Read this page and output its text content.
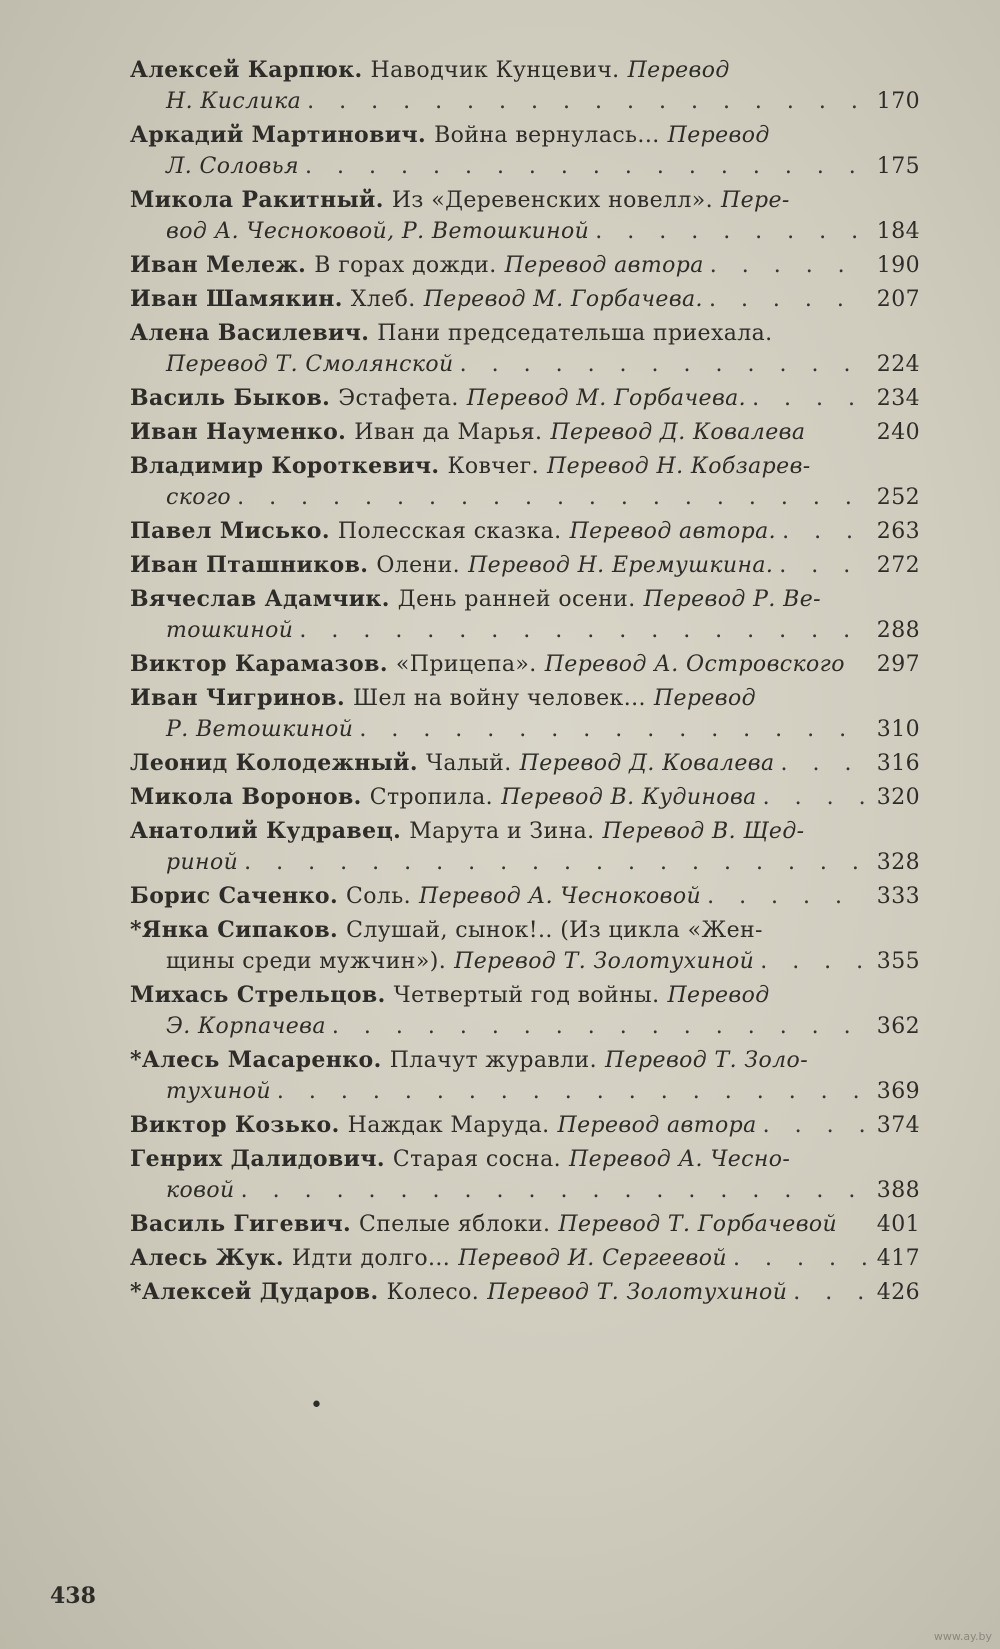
Алексей Карпюк. Наводчик Кунцевич. Перевод
Н. Кислика . . .	170
Аркадий Мартинович. Война вернулась... Перевод
Л. Соловья . . .	175
Микола Ракитный. Из «Деревенских новелл». Пере-
вод А. Чесноковой, Р. Ветошкиной . . .	184
Иван Мележ. В горах дожди. Перевод автора . . .	190
Иван Шамякин. Хлеб. Перевод М. Горбачева. . . .	207
Алена Василевич. Пани председательша приехала.
Перевод Т. Смолянской . . .	224
Василь Быков. Эстафета. Перевод М. Горбачева. . . .	234
Иван Науменко. Иван да Марья. Перевод Д. Ковалева	240
Владимир Короткевич. Ковчег. Перевод Н. Кобзарев-
ского . . .	252
Павел Мисько. Полесская сказка. Перевод автора. . . .	263
Иван Пташников. Олени. Перевод Н. Еремушкина. . . .	272
Вячеслав Адамчик. День ранней осени. Перевод Р. Ве-
тошкиной . . .	288
Виктор Карамазов. «Прицепа». Перевод А. Островского 297
Иван Чигринов. Шел на войну человек... Перевод
Р. Ветошкиной . . .	310
Леонид Колодежный. Чалый. Перевод Д. Ковалева . . .	316
Микола Воронов. Стропила. Перевод В. Кудинова . . .	320
Анатолий Кудравец. Марута и Зина. Перевод В. Щед-
риной . . .	328
Борис Саченко. Соль. Перевод А. Чесноковой . . .	333
*Янка Сипаков. Слушай, сынок!.. (Из цикла «Жен-
щины среди мужчин»). Перевод Т. Золотухиной . . .	355
Михась Стрельцов. Четвертый год войны. Перевод
Э. Корпачева . . .	362
*Алесь Масаренко. Плачут журавли. Перевод Т. Золо-
тухиной . . .	369
Виктор Козько. Наждак Маруда. Перевод автора . . .	374
Генрих Далидович. Старая сосна. Перевод А. Чесно-
ковой . . .	388
Василь Гигевич. Спелые яблоки. Перевод Т. Горбачевой 401
Алесь Жук. Идти долго... Перевод И. Сергеевой . . .	417
*Алексей Дударов. Колесо. Перевод Т. Золотухиной . . .	426
•
438
www.ay.by
